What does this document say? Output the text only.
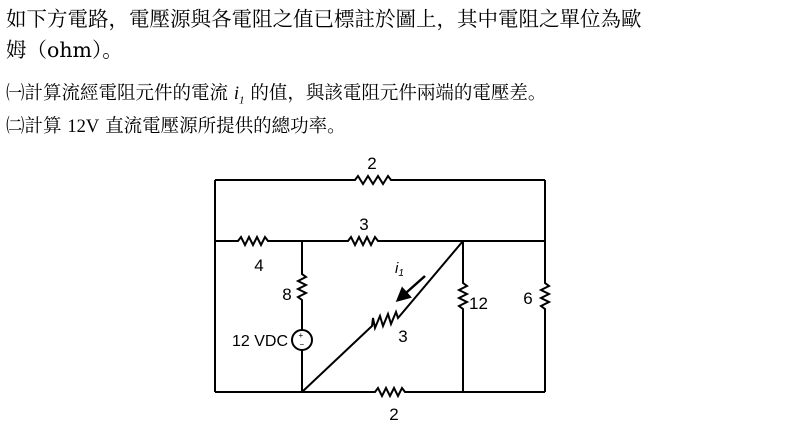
如下方電路，電壓源與各電阻之值已標註於圖上，其中電阻之單位為歐
姆（ohm）。
㈠計算流經電阻元件的電流 $i_1$ 的值，與該電阻元件兩端的電壓差。
㈡計算 12V 直流電壓源所提供的總功率。
+
−
2
3
4
8
3
12 6
2
12 VDC
$i_1$
